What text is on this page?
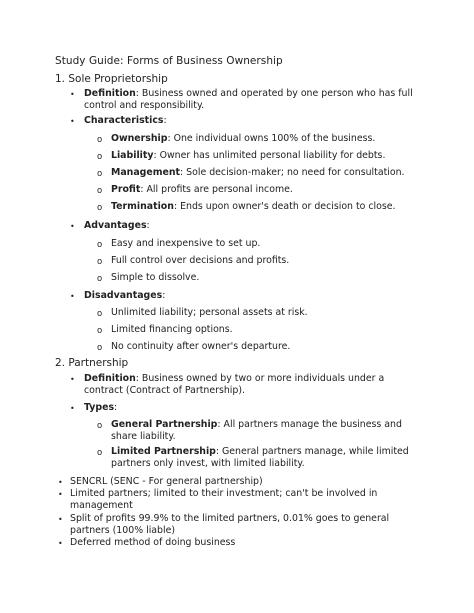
Study Guide: Forms of Business Ownership
1. Sole Proprietorship
• Definition: Business owned and operated by one person who has full control and responsibility.
• Characteristics:
o Ownership: One individual owns 100% of the business.
o Liability: Owner has unlimited personal liability for debts.
o Management: Sole decision-maker; no need for consultation.
o Profit: All profits are personal income.
o Termination: Ends upon owner's death or decision to close.
• Advantages:
o Easy and inexpensive to set up.
o Full control over decisions and profits.
o Simple to dissolve.
• Disadvantages:
o Unlimited liability; personal assets at risk.
o Limited financing options.
o No continuity after owner's departure.
2. Partnership
• Definition: Business owned by two or more individuals under a contract (Contract of Partnership).
• Types:
o General Partnership: All partners manage the business and share liability.
o Limited Partnership: General partners manage, while limited partners only invest, with limited liability.
• SENCRL (SENC - For general partnership)
• Limited partners; limited to their investment; can't be involved in management
• Split of profits 99.9% to the limited partners, 0.01% goes to general partners (100% liable)
• Deferred method of doing business
